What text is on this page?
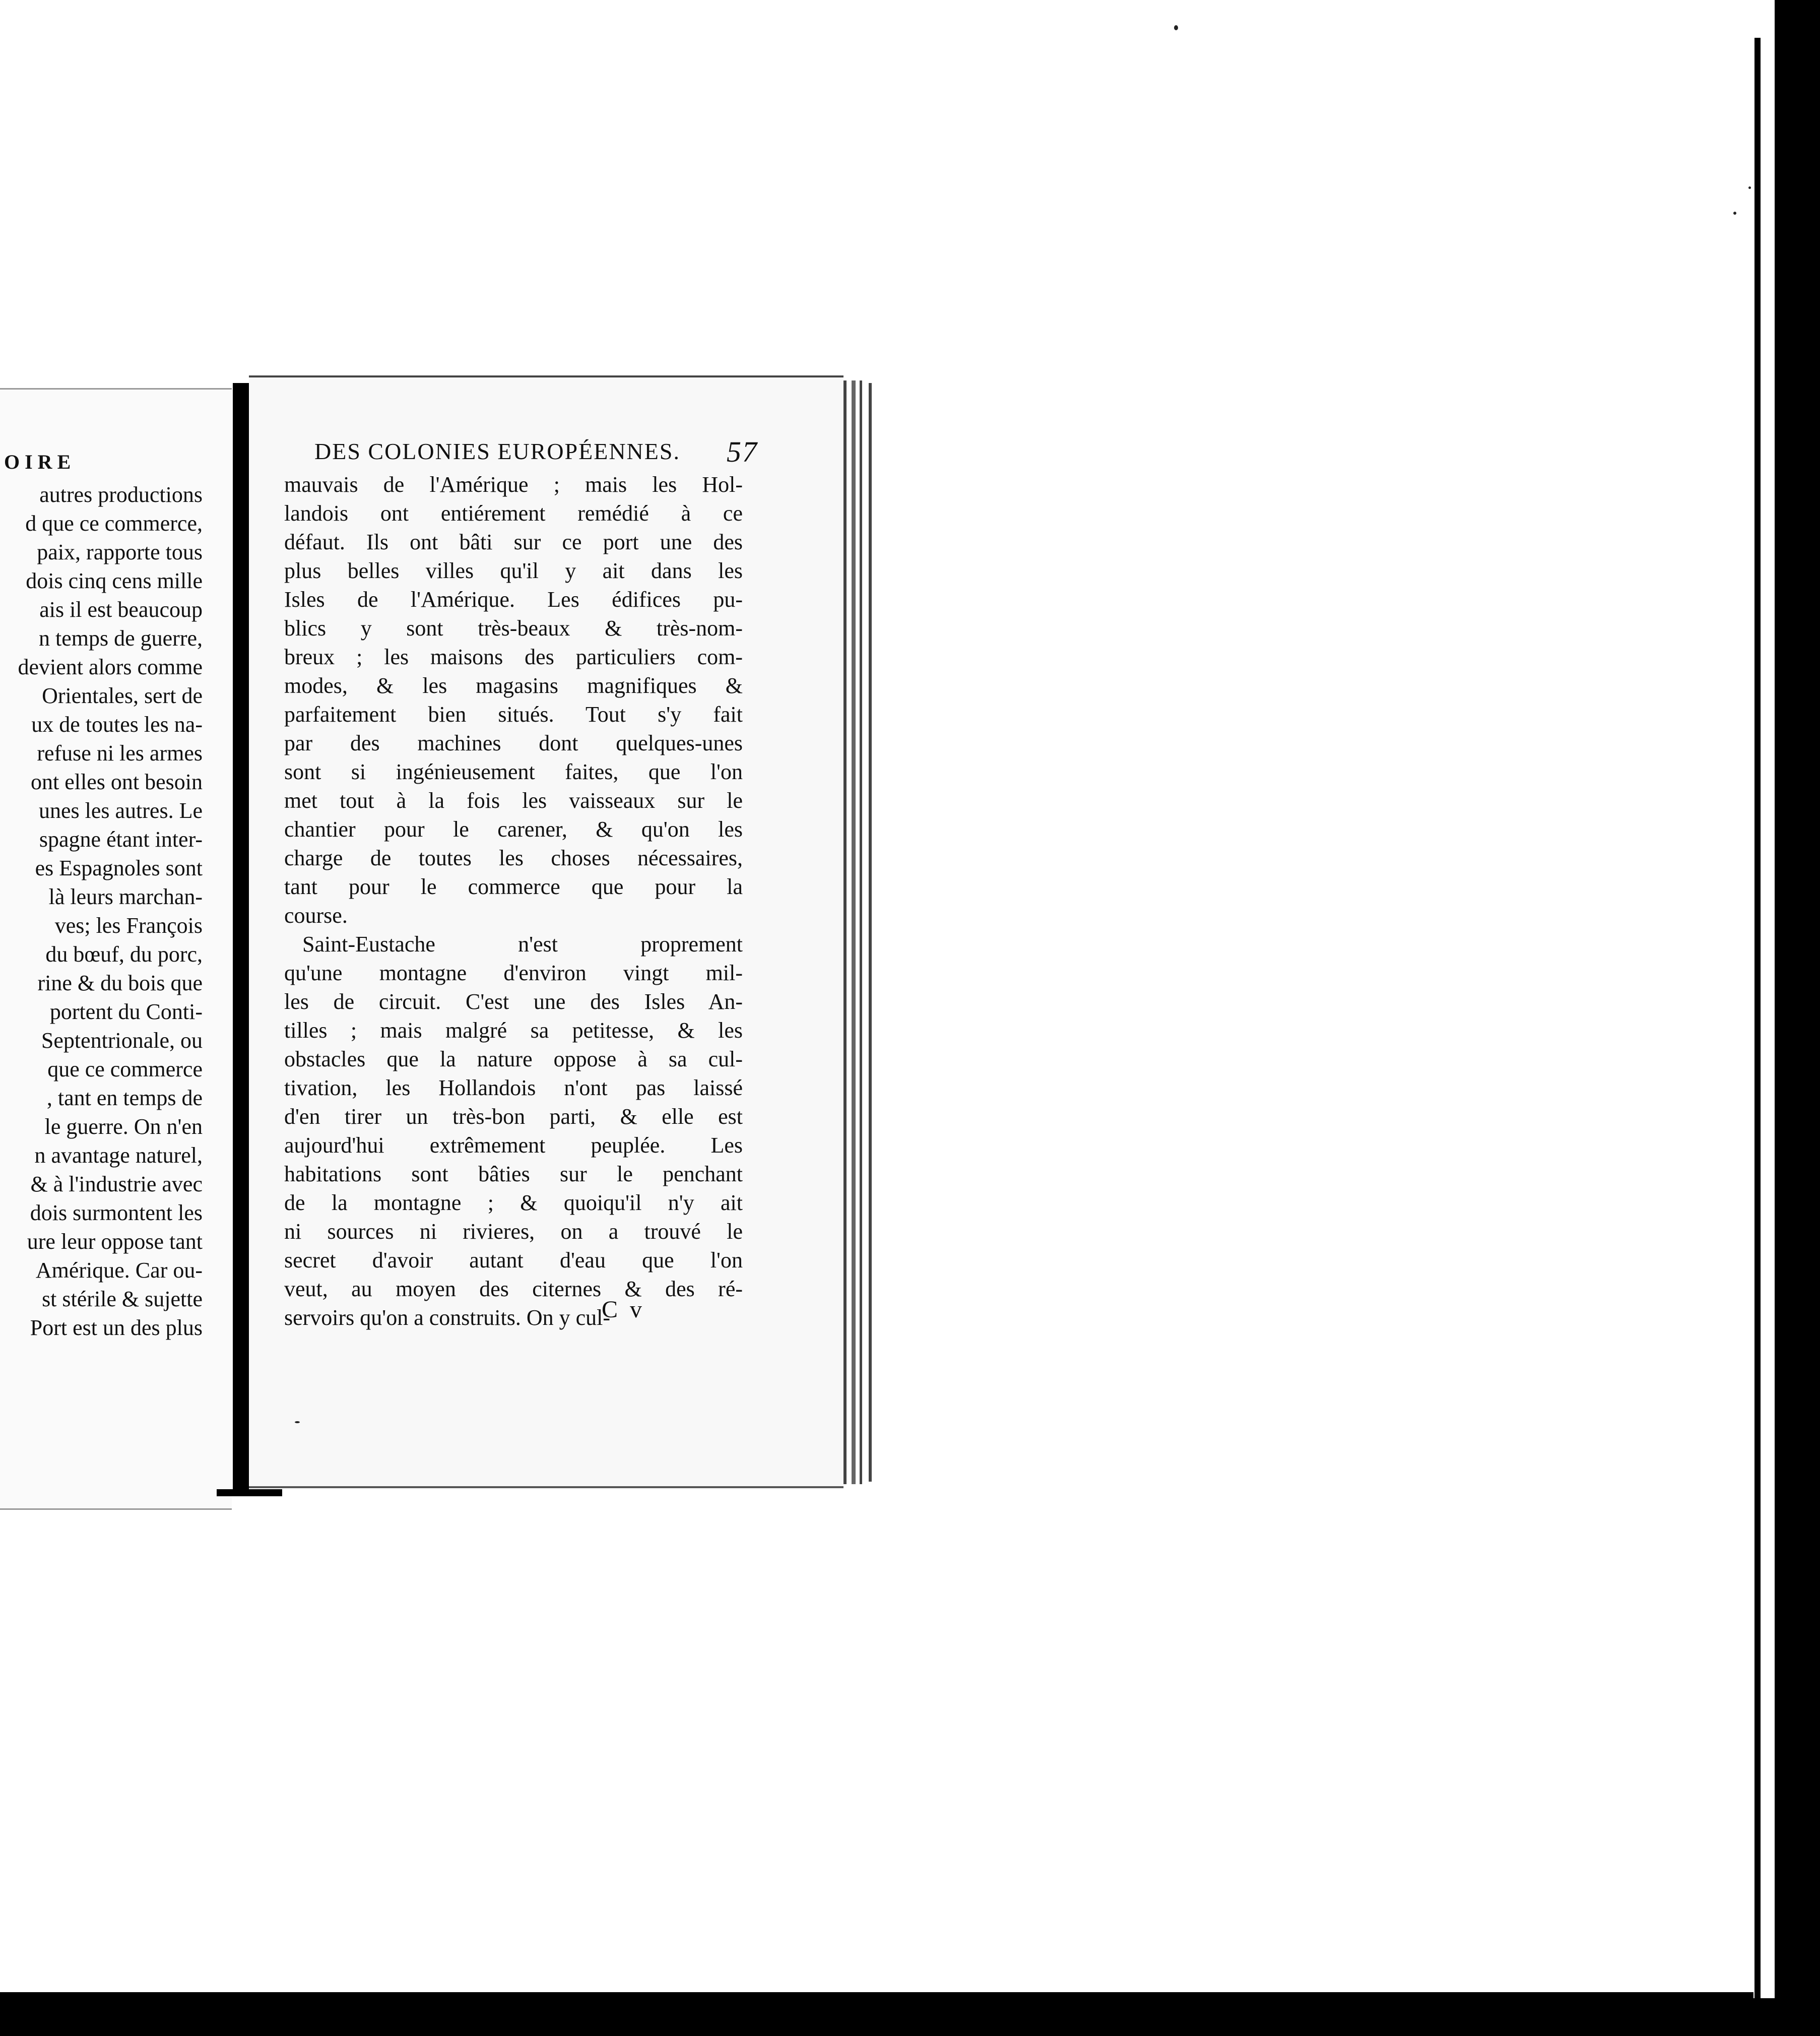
OIRE
autres productions
d que ce commerce,
paix, rapporte tous
dois cinq cens mille
ais il est beaucoup
n temps de guerre,
devient alors comme
Orientales, sert de
ux de toutes les na-
refuse ni les armes
ont elles ont besoin
unes les autres. Le
spagne étant inter-
es Espagnoles sont
là leurs marchan-
ves; les François
du bœuf, du porc,
rine & du bois que
portent du Conti-
Septentrionale, ou
que ce commerce
, tant en temps de
le guerre. On n'en
n avantage naturel,
& à l'industrie avec
dois surmontent les
ure leur oppose tant
Amérique. Car ou-
st stérile & sujette
Port est un des plus
DES COLONIES EUROPÉENNES. 57
mauvais de l'Amérique ; mais les Hol-
landois ont entiérement remédié à ce
défaut. Ils ont bâti sur ce port une des
plus belles villes qu'il y ait dans les
Isles de l'Amérique. Les édifices pu-
blics y sont très-beaux & très-nom-
breux ; les maisons des particuliers com-
modes, & les magasins magnifiques &
parfaitement bien situés. Tout s'y fait
par des machines dont quelques-unes
sont si ingénieusement faites, que l'on
met tout à la fois les vaisseaux sur le
chantier pour le carener, & qu'on les
charge de toutes les choses nécessaires,
tant pour le commerce que pour la
course.
Saint-Eustache n'est proprement
qu'une montagne d'environ vingt mil-
les de circuit. C'est une des Isles An-
tilles ; mais malgré sa petitesse, & les
obstacles que la nature oppose à sa cul-
tivation, les Hollandois n'ont pas laissé
d'en tirer un très-bon parti, & elle est
aujourd'hui extrêmement peuplée. Les
habitations sont bâties sur le penchant
de la montagne ; & quoiqu'il n'y ait
ni sources ni rivieres, on a trouvé le
secret d'avoir autant d'eau que l'on
veut, au moyen des citernes & des ré-
servoirs qu'on a construits. On y cul-
C v
